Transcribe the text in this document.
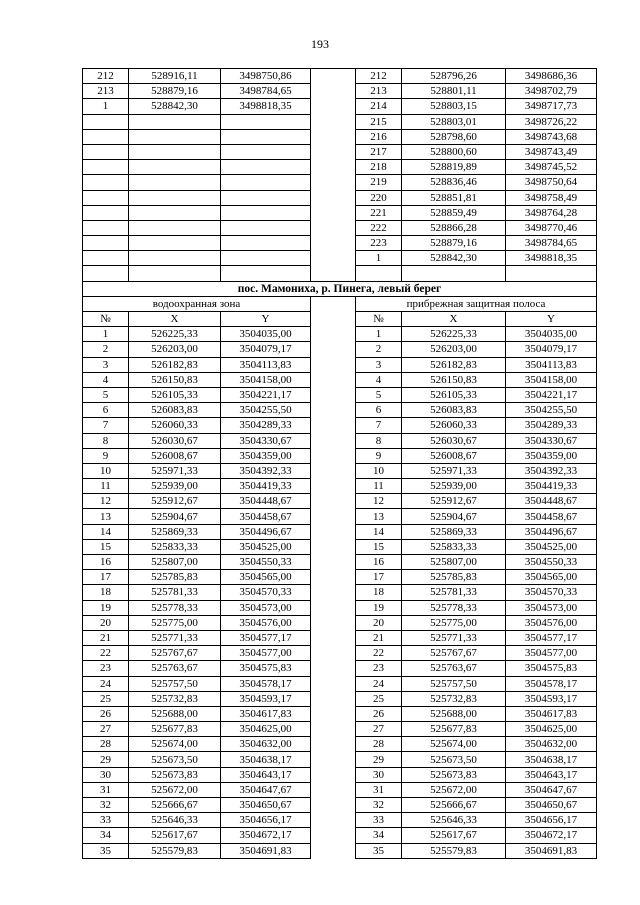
193
212	528916,11	3498750,86		212	528796,26	3498686,36
213	528879,16	3498784,65		213	528801,11	3498702,79
1	528842,30	3498818,35		214	528803,15	3498717,73
				215	528803,01	3498726,22
				216	528798,60	3498743,68
				217	528800,60	3498743,49
				218	528819,89	3498745,52
				219	528836,46	3498750,64
				220	528851,81	3498758,49
				221	528859,49	3498764,28
				222	528866,28	3498770,46
				223	528879,16	3498784,65
				1	528842,30	3498818,35

пос. Мамониха, р. Пинега, левый берег						
водоохранная зона				прибрежная защитная полоса		
№	X	Y		№	X	Y
1	526225,33	3504035,00		1	526225,33	3504035,00
2	526203,00	3504079,17		2	526203,00	3504079,17
3	526182,83	3504113,83		3	526182,83	3504113,83
4	526150,83	3504158,00		4	526150,83	3504158,00
5	526105,33	3504221,17		5	526105,33	3504221,17
6	526083,83	3504255,50		6	526083,83	3504255,50
7	526060,33	3504289,33		7	526060,33	3504289,33
8	526030,67	3504330,67		8	526030,67	3504330,67
9	526008,67	3504359,00		9	526008,67	3504359,00
10	525971,33	3504392,33		10	525971,33	3504392,33
11	525939,00	3504419,33		11	525939,00	3504419,33
12	525912,67	3504448,67		12	525912,67	3504448,67
13	525904,67	3504458,67		13	525904,67	3504458,67
14	525869,33	3504496,67		14	525869,33	3504496,67
15	525833,33	3504525,00		15	525833,33	3504525,00
16	525807,00	3504550,33		16	525807,00	3504550,33
17	525785,83	3504565,00		17	525785,83	3504565,00
18	525781,33	3504570,33		18	525781,33	3504570,33
19	525778,33	3504573,00		19	525778,33	3504573,00
20	525775,00	3504576,00		20	525775,00	3504576,00
21	525771,33	3504577,17		21	525771,33	3504577,17
22	525767,67	3504577,00		22	525767,67	3504577,00
23	525763,67	3504575,83		23	525763,67	3504575,83
24	525757,50	3504578,17		24	525757,50	3504578,17
25	525732,83	3504593,17		25	525732,83	3504593,17
26	525688,00	3504617,83		26	525688,00	3504617,83
27	525677,83	3504625,00		27	525677,83	3504625,00
28	525674,00	3504632,00		28	525674,00	3504632,00
29	525673,50	3504638,17		29	525673,50	3504638,17
30	525673,83	3504643,17		30	525673,83	3504643,17
31	525672,00	3504647,67		31	525672,00	3504647,67
32	525666,67	3504650,67		32	525666,67	3504650,67
33	525646,33	3504656,17		33	525646,33	3504656,17
34	525617,67	3504672,17		34	525617,67	3504672,17
35	525579,83	3504691,83		35	525579,83	3504691,83
